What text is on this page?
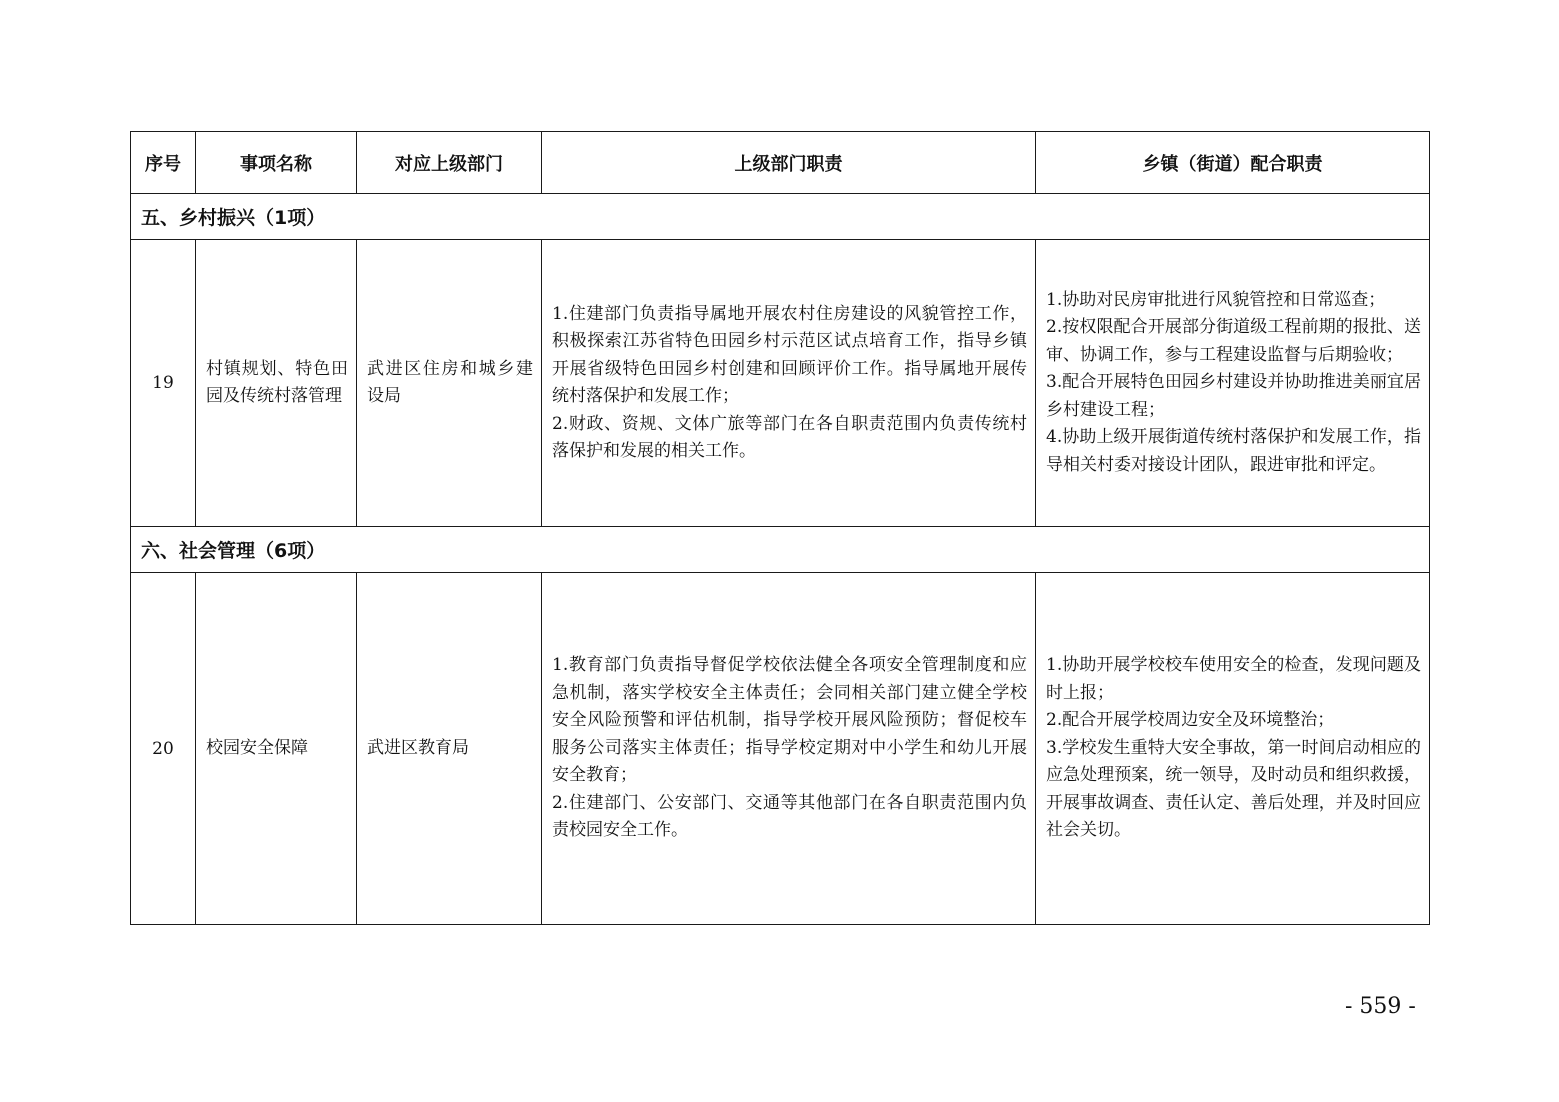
序号	事项名称	对应上级部门	上级部门职责	乡镇（街道）配合职责
五、乡村振兴（1项）				
19	村镇规划、特色田园及传统村落管理	武进区住房和城乡建设局	1.住建部门负责指导属地开展农村住房建设的风貌管控工作，积极探索江苏省特色田园乡村示范区试点培育工作，指导乡镇开展省级特色田园乡村创建和回顾评价工作。指导属地开展传统村落保护和发展工作；
2.财政、资规、文体广旅等部门在各自职责范围内负责传统村落保护和发展的相关工作。	1.协助对民房审批进行风貌管控和日常巡查；
2.按权限配合开展部分街道级工程前期的报批、送审、协调工作，参与工程建设监督与后期验收；
3.配合开展特色田园乡村建设并协助推进美丽宜居乡村建设工程；
4.协助上级开展街道传统村落保护和发展工作，指导相关村委对接设计团队，跟进审批和评定。

六、社会管理（6项）				
20	校园安全保障	武进区教育局	1.教育部门负责指导督促学校依法健全各项安全管理制度和应急机制，落实学校安全主体责任；会同相关部门建立健全学校安全风险预警和评估机制，指导学校开展风险预防；督促校车服务公司落实主体责任；指导学校定期对中小学生和幼儿开展安全教育；
2.住建部门、公安部门、交通等其他部门在各自职责范围内负责校园安全工作。	1.协助开展学校校车使用安全的检查，发现问题及时上报；
2.配合开展学校周边安全及环境整治；
3.学校发生重特大安全事故，第一时间启动相应的应急处理预案，统一领导，及时动员和组织救援，开展事故调查、责任认定、善后处理，并及时回应社会关切。
- 559 -
